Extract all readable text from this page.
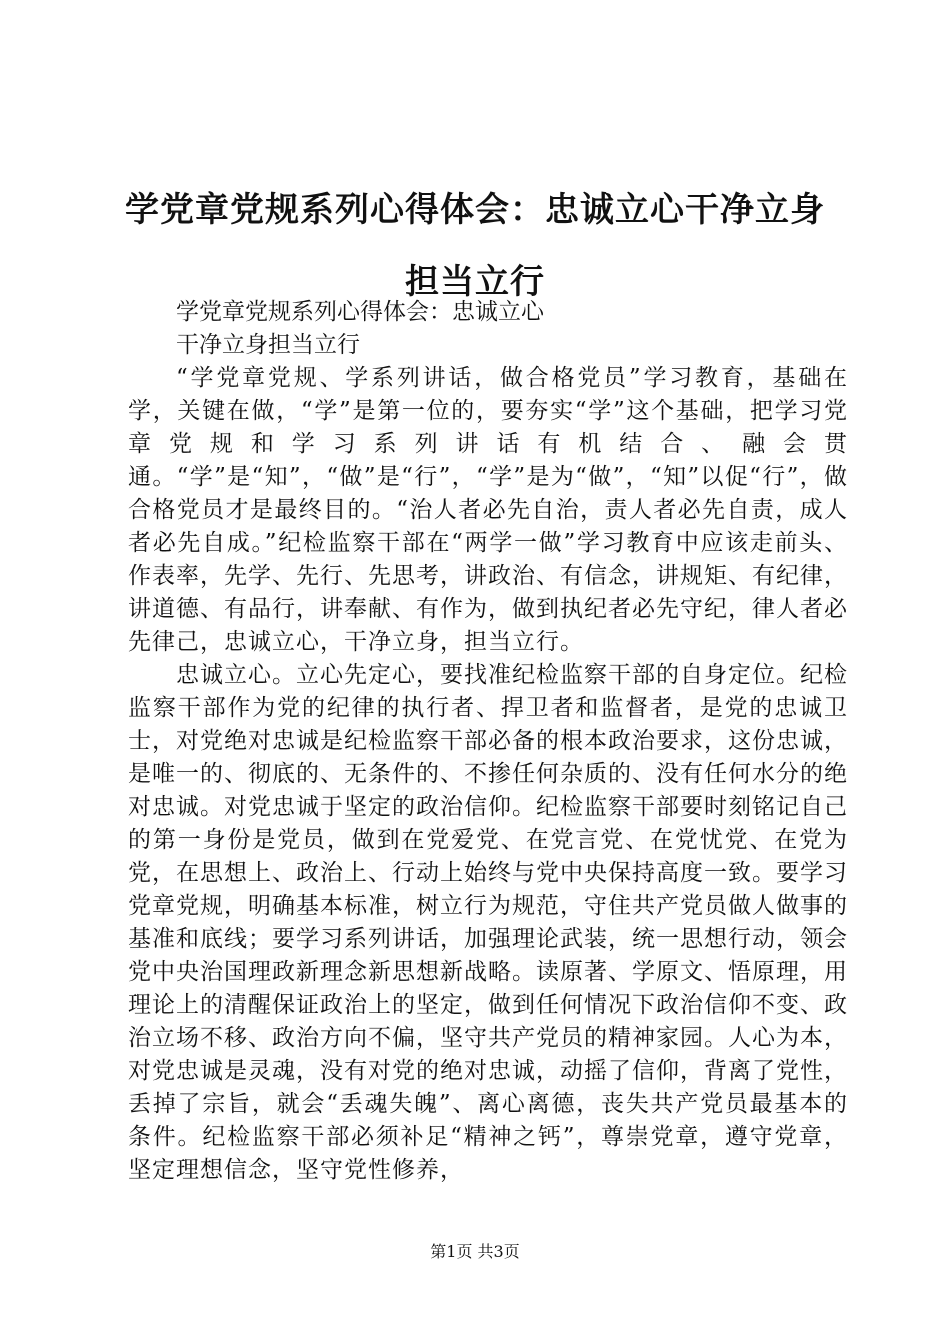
学党章党规系列心得体会：忠诚立心干净立身
担当立行

学党章党规系列心得体会：忠诚立心

干净立身担当立行

“学党章党规、学系列讲话，做合格党员”学习教育，基础在学，关键在做，“学”是第一位的，要夯实“学”这个基础，把学习党章党规和学习系列讲话有机结合、融会贯通。“学”是“知”，“做”是“行”，“学”是为“做”，“知”以促“行”，做合格党员才是最终目的。“治人者必先自治，责人者必先自责，成人者必先自成。”纪检监察干部在“两学一做”学习教育中应该走前头、作表率，先学、先行、先思考，讲政治、有信念，讲规矩、有纪律，讲道德、有品行，讲奉献、有作为，做到执纪者必先守纪，律人者必先律己，忠诚立心，干净立身，担当立行。

忠诚立心。立心先定心，要找准纪检监察干部的自身定位。纪检监察干部作为党的纪律的执行者、捍卫者和监督者，是党的忠诚卫士，对党绝对忠诚是纪检监察干部必备的根本政治要求，这份忠诚，是唯一的、彻底的、无条件的、不掺任何杂质的、没有任何水分的绝对忠诚。对党忠诚于坚定的政治信仰。纪检监察干部要时刻铭记自己的第一身份是党员，做到在党爱党、在党言党、在党忧党、在党为党，在思想上、政治上、行动上始终与党中央保持高度一致。要学习党章党规，明确基本标准，树立行为规范，守住共产党员做人做事的基准和底线；要学习系列讲话，加强理论武装，统一思想行动，领会党中央治国理政新理念新思想新战略。读原著、学原文、悟原理，用理论上的清醒保证政治上的坚定，做到任何情况下政治信仰不变、政治立场不移、政治方向不偏，坚守共产党员的精神家园。人心为本，对党忠诚是灵魂，没有对党的绝对忠诚，动摇了信仰，背离了党性，丢掉了宗旨，就会“丢魂失魄”、离心离德，丧失共产党员最基本的条件。纪检监察干部必须补足“精神之钙”，尊崇党章，遵守党章，坚定理想信念，坚守党性修养，

第1页 共3页
